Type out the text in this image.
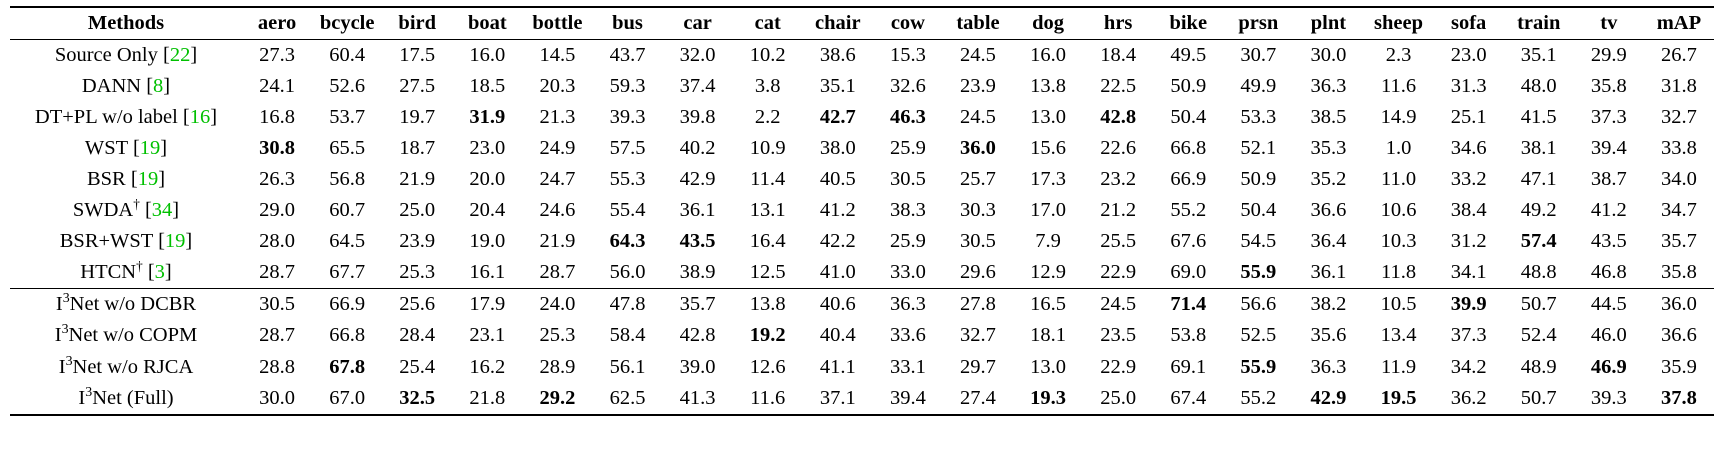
Methods	aero	bcycle	bird	boat	bottle	bus	car	cat	chair	cow	table	dog	hrs	bike	prsn	plnt	sheep	sofa	train	tv	mAP
Source Only [22]	27.3	60.4	17.5	16.0	14.5	43.7	32.0	10.2	38.6	15.3	24.5	16.0	18.4	49.5	30.7	30.0	2.3	23.0	35.1	29.9	26.7
DANN [8]	24.1	52.6	27.5	18.5	20.3	59.3	37.4	3.8	35.1	32.6	23.9	13.8	22.5	50.9	49.9	36.3	11.6	31.3	48.0	35.8	31.8
DT+PL w/o label [16]	16.8	53.7	19.7	31.9	21.3	39.3	39.8	2.2	42.7	46.3	24.5	13.0	42.8	50.4	53.3	38.5	14.9	25.1	41.5	37.3	32.7
WST [19]	30.8	65.5	18.7	23.0	24.9	57.5	40.2	10.9	38.0	25.9	36.0	15.6	22.6	66.8	52.1	35.3	1.0	34.6	38.1	39.4	33.8
BSR [19]	26.3	56.8	21.9	20.0	24.7	55.3	42.9	11.4	40.5	30.5	25.7	17.3	23.2	66.9	50.9	35.2	11.0	33.2	47.1	38.7	34.0
SWDA† [34]	29.0	60.7	25.0	20.4	24.6	55.4	36.1	13.1	41.2	38.3	30.3	17.0	21.2	55.2	50.4	36.6	10.6	38.4	49.2	41.2	34.7
BSR+WST [19]	28.0	64.5	23.9	19.0	21.9	64.3	43.5	16.4	42.2	25.9	30.5	7.9	25.5	67.6	54.5	36.4	10.3	31.2	57.4	43.5	35.7
HTCN† [3]	28.7	67.7	25.3	16.1	28.7	56.0	38.9	12.5	41.0	33.0	29.6	12.9	22.9	69.0	55.9	36.1	11.8	34.1	48.8	46.8	35.8
$I^3Net$ w/o DCBR	30.5	66.9	25.6	17.9	24.0	47.8	35.7	13.8	40.6	36.3	27.8	16.5	24.5	71.4	56.6	38.2	10.5	39.9	50.7	44.5	36.0
$I^3Net$ w/o COPM	28.7	66.8	28.4	23.1	25.3	58.4	42.8	19.2	40.4	33.6	32.7	18.1	23.5	53.8	52.5	35.6	13.4	37.3	52.4	46.0	36.6
$I^3Net$ w/o RJCA	28.8	67.8	25.4	16.2	28.9	56.1	39.0	12.6	41.1	33.1	29.7	13.0	22.9	69.1	55.9	36.3	11.9	34.2	48.9	46.9	35.9
$I^3Net$ (Full)	30.0	67.0	32.5	21.8	29.2	62.5	41.3	11.6	37.1	39.4	27.4	19.3	25.0	67.4	55.2	42.9	19.5	36.2	50.7	39.3	37.8
